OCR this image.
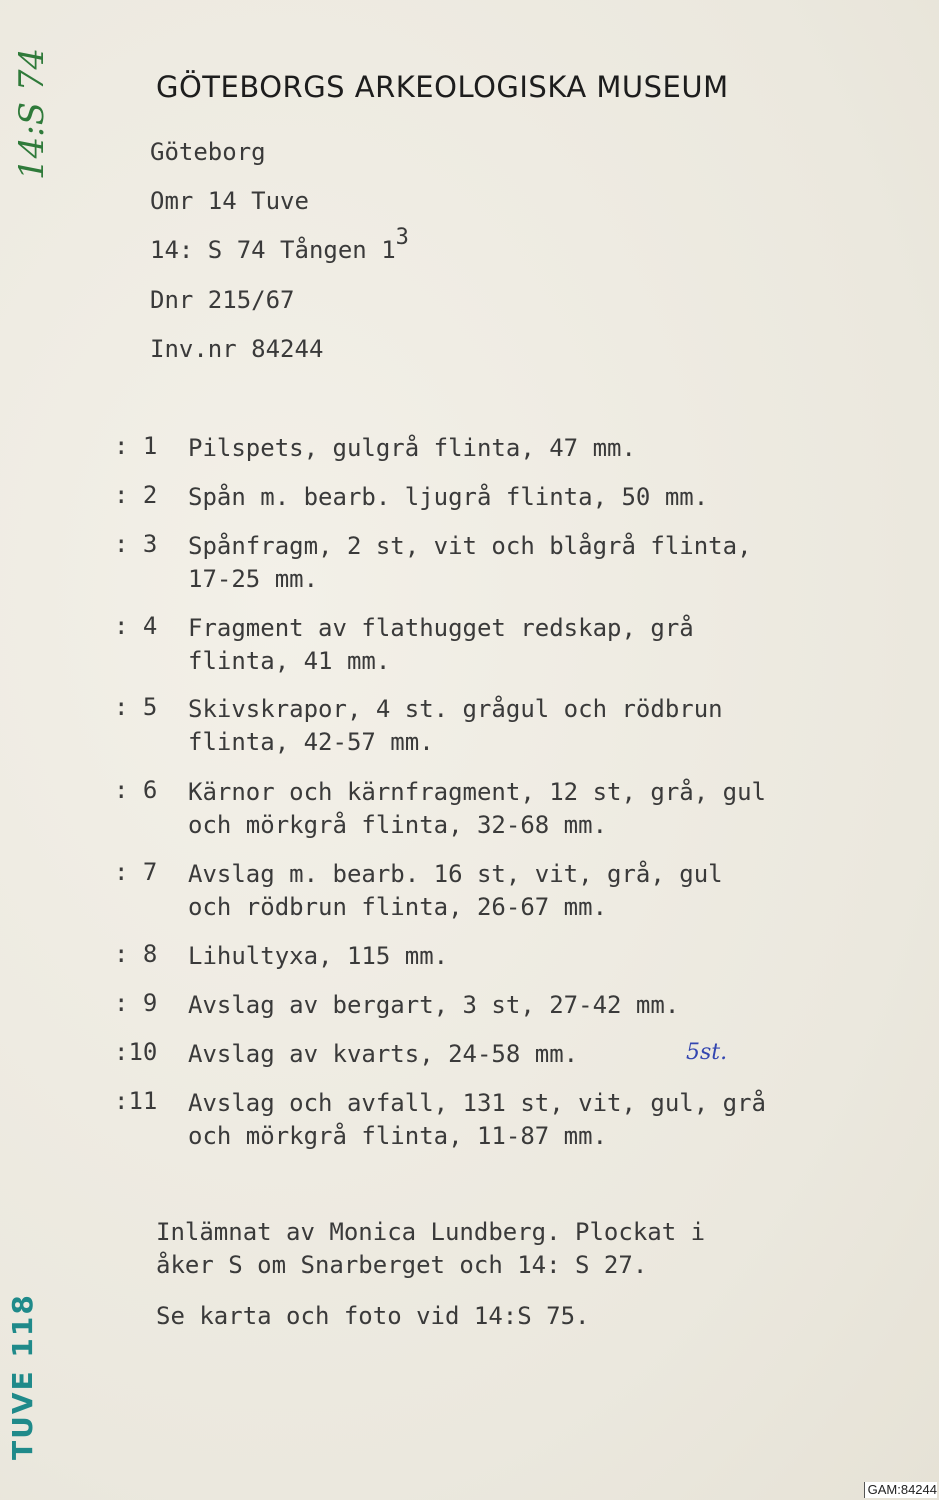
14:S 74	GÖTEBORGS ARKEOLOGISKA MUSEUM
Göteborg
Omr 14 Tuve
14: S 74 Tången 13
Dnr 215/67
Inv.nr 84244
: 1 Pilspets, gulgrå flinta, 47 mm.
: 2 Spån m. bearb. ljugrå flinta, 50 mm.
: 3 Spånfragm, 2 st, vit och blågrå flinta,
17-25 mm.
: 4 Fragment av flathugget redskap, grå
flinta, 41 mm.
: 5 Skivskrapor, 4 st. grågul och rödbrun
flinta, 42-57 mm.
: 6 Kärnor och kärnfragment, 12 st, grå, gul
och mörkgrå flinta, 32-68 mm.
: 7 Avslag m. bearb. 16 st, vit, grå, gul
och rödbrun flinta, 26-67 mm.
: 8 Lihultyxa, 115 mm.
: 9 Avslag av bergart, 3 st, 27-42 mm.
:10 Avslag av kvarts, 24-58 mm.
:11 Avslag och avfall, 131 st, vit, gul, grå
och mörkgrå flinta, 11-87 mm.
5st.
Inlämnat av Monica Lundberg. Plockat i
åker S om Snarberget och 14: S 27.
Se karta och foto vid 14:S 75.
TUVE 118
GAM:84244
